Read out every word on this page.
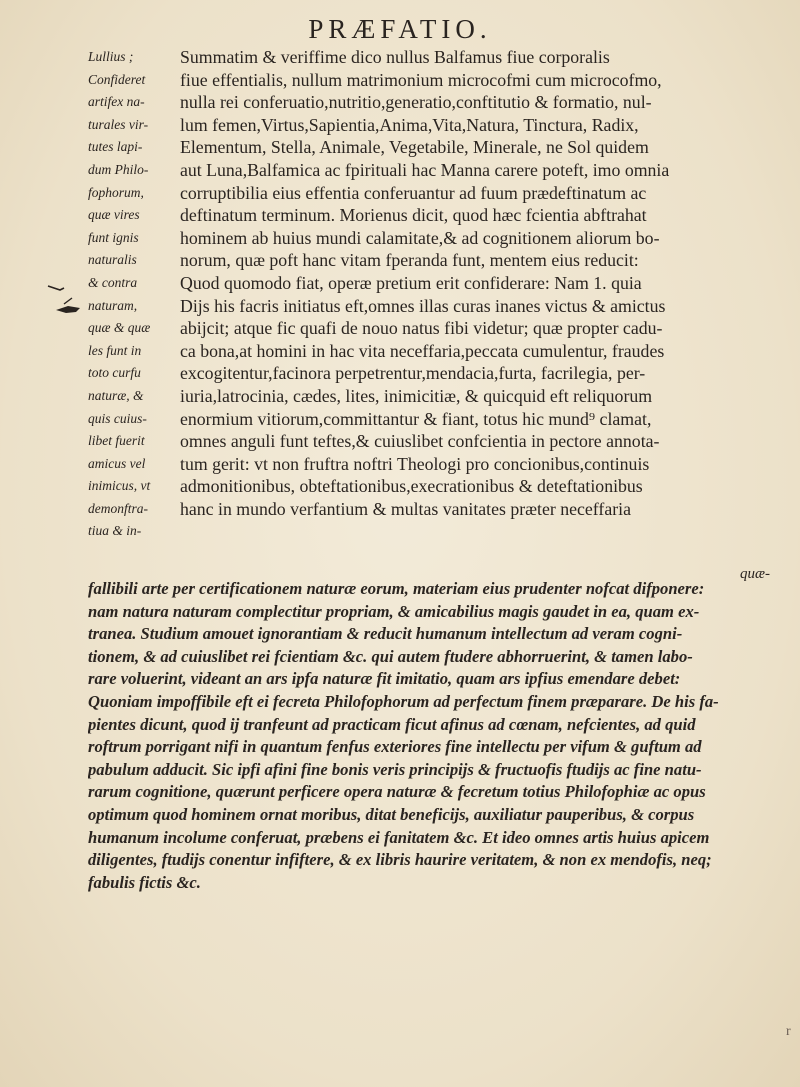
PRÆFATIO.
Lullius ;
Confideret
artifex na-
turales vir-
tutes lapi-
dum Philo-
fophorum,
quæ vires
funt ignis
naturalis
& contra
naturam,
quæ & quæ
les funt in
toto curfu
naturæ, &
quis cuius-
libet fuerit
amicus vel
inimicus, vt
demonftra-
tiua & in-
Summatim & veriffime dico nullus Balfamus fiue corporalis
fiue effentialis, nullum matrimonium microcofmi cum microcofmo,
nulla rei conferuatio,nutritio,generatio,conftitutio & formatio, nul-
lum femen,Virtus,Sapientia,Anima,Vita,Natura, Tinctura, Radix,
Elementum, Stella, Animale, Vegetabile, Minerale, ne Sol quidem
aut Luna,Balfamica ac fpirituali hac Manna carere poteft, imo omnia
corruptibilia eius effentia conferuantur ad fuum prædeftinatum ac
deftinatum terminum. Morienus dicit, quod hæc fcientia abftrahat
hominem ab huius mundi calamitate,& ad cognitionem aliorum bo-
norum, quæ poft hanc vitam fperanda funt, mentem eius reducit:
Quod quomodo fiat, operæ pretium erit confiderare: Nam 1. quia
Dijs his facris initiatus eft,omnes illas curas inanes victus & amictus
abijcit; atque fic quafi de nouo natus fibi videtur; quæ propter cadu-
ca bona,at homini in hac vita neceffaria,peccata cumulentur, fraudes
excogitentur,facinora perpetrentur,mendacia,furta, facrilegia, per-
iuria,latrocinia, cædes, lites, inimicitiæ, & quicquid eft reliquorum
enormium vitiorum,committantur & fiant, totus hic mund⁹ clamat,
omnes anguli funt teftes,& cuiuslibet confcientia in pectore annota-
tum gerit: vt non fruftra noftri Theologi pro concionibus,continuis
admonitionibus, obteftationibus,execrationibus & deteftationibus
hanc in mundo verfantium & multas vanitates præter neceffaria
quæ-
fallibili arte per certificationem naturæ eorum, materiam eius prudenter nofcat difponere:
nam natura naturam complectitur propriam, & amicabilius magis gaudet in ea, quam ex-
tranea. Studium amouet ignorantiam & reducit humanum intellectum ad veram cogni-
tionem, & ad cuiuslibet rei fcientiam &c. qui autem ftudere abhorruerint, & tamen labo-
rare voluerint, videant an ars ipfa naturæ fit imitatio, quam ars ipfius emendare debet:
Quoniam impoffibile eft ei fecreta Philofophorum ad perfectum finem præparare. De his fa-
pientes dicunt, quod ij tranfeunt ad practicam ficut afinus ad cœnam, nefcientes, ad quid
roftrum porrigant nifi in quantum fenfus exteriores fine intellectu per vifum & guftum ad
pabulum adducit. Sic ipfi afini fine bonis veris principijs & fructuofis ftudijs ac fine natu-
rarum cognitione, quærunt perficere opera naturæ & fecretum totius Philofophiæ ac opus
optimum quod hominem ornat moribus, ditat beneficijs, auxiliatur pauperibus, & corpus
humanum incolume conferuat, præbens ei fanitatem &c. Et ideo omnes artis huius apicem
diligentes, ftudijs conentur infiftere, & ex libris haurire veritatem, & non ex mendofis, neq;
fabulis fictis &c.
r
